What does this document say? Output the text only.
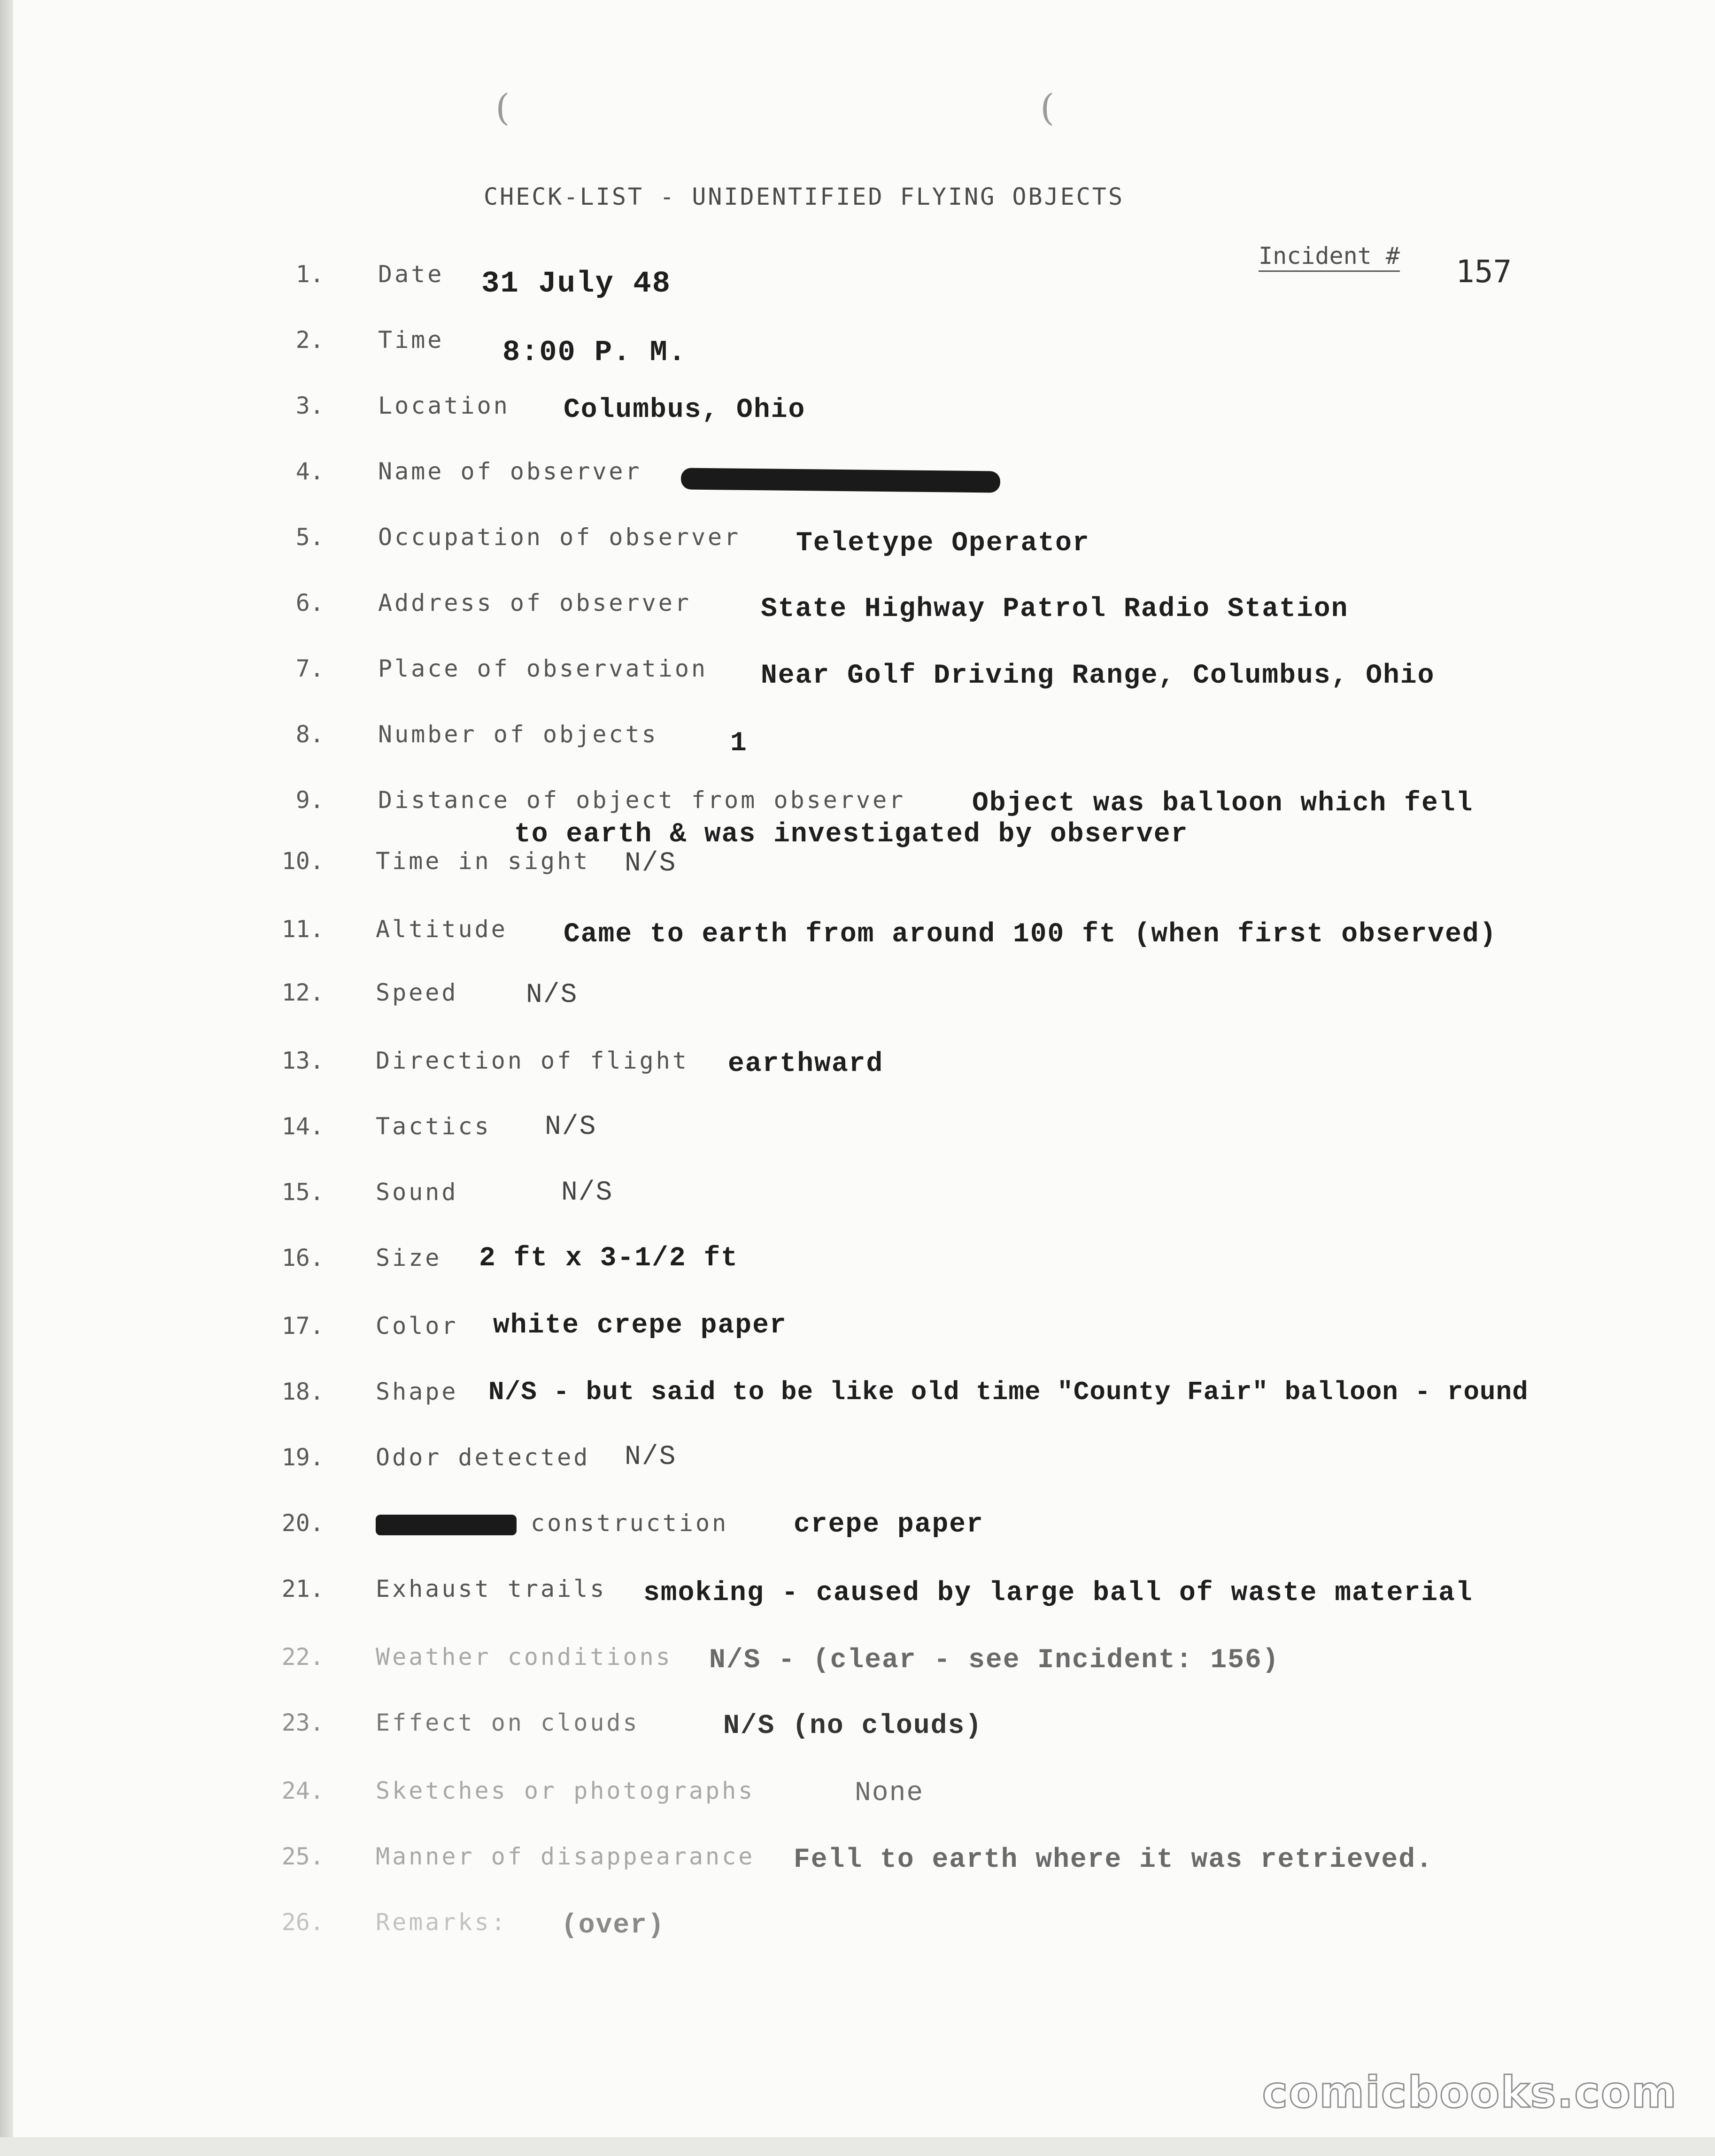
(	(
CHECK-LIST - UNIDENTIFIED FLYING OBJECTS
Incident # 157
1. Date 31 July 48
2. Time 8:00 P. M.
3. Location Columbus, Ohio
4. Name of observer
5. Occupation of observer Teletype Operator
6. Address of observer	State Highway Patrol Radio Station
7. Place of observation Near Golf Driving Range, Columbus, Ohio
8. Number of objects	1
9. Distance of object from observer Object was balloon which fell
to earth & was investigated by observer
10. Time in sight N/S
11. Altitude Came to earth from around 100 ft (when first observed)
12. Speed N/S
13. Direction of flight earthward
14. Tactics N/S
15. Sound	N/S
16. Size 2 ft x 3-1/2 ft
17. Color white crepe paper
18. Shape N/S - but said to be like old time "County Fair" balloon - round
19. Odor detected N/S
20.	construction crepe paper
21. Exhaust trails smoking - caused by large ball of waste material
22. Weather conditions N/S - (clear - see Incident: 156)
23. Effect on clouds	N/S (no clouds)
24. Sketches or photographs	None
25. Manner of disappearance Fell to earth where it was retrieved.
26. Remarks: (over)
comicbooks.com
